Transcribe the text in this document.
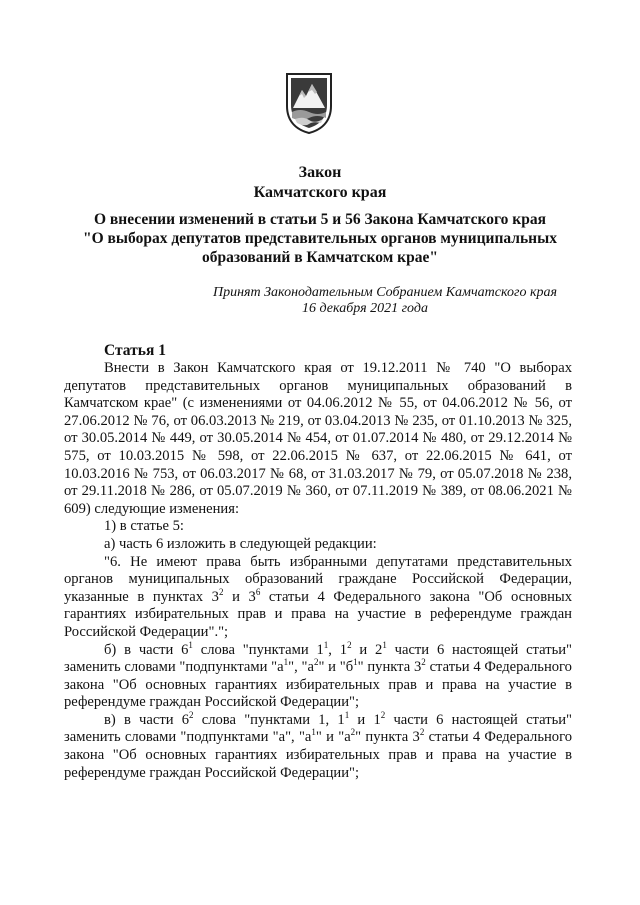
Закон
Камчатского края
О внесении изменений в статьи 5 и 56 Закона Камчатского края
"О выборах депутатов представительных органов муниципальных
образований в Камчатском крае"
Принят Законодательным Собранием Камчатского края
16 декабря 2021 года
Статья 1

Внести в Закон Камчатского края от 19.12.2011 № 740 "О выборах депутатов представительных органов муниципальных образований в Камчатском крае" (с изменениями от 04.06.2012 № 55, от 04.06.2012 № 56, от 27.06.2012 № 76, от 06.03.2013 № 219, от 03.04.2013 № 235, от 01.10.2013 № 325, от 30.05.2014 № 449, от 30.05.2014 № 454, от 01.07.2014 № 480, от 29.12.2014 № 575, от 10.03.2015 № 598, от 22.06.2015 № 637, от 22.06.2015 № 641, от 10.03.2016 № 753, от 06.03.2017 № 68, от 31.03.2017 № 79, от 05.07.2018 № 238, от 29.11.2018 № 286, от 05.07.2019 № 360, от 07.11.2019 № 389, от 08.06.2021 № 609) следующие изменения:

1) в статье 5:

а) часть 6 изложить в следующей редакции:

"6. Не имеют права быть избранными депутатами представительных органов муниципальных образований граждане Российской Федерации, указанные в пунктах $3^2$ и $3^6$ статьи 4 Федерального закона "Об основных гарантиях избирательных прав и права на участие в референдуме граждан Российской Федерации".";

б) в части $6^1$ слова "пунктами $1^1$, $1^2$ и $2^1$ части 6 настоящей статьи" заменить словами "подпунктами "$а^1$", "$а^2$" и "$б^1$" пункта $3^2$ статьи 4 Федерального закона "Об основных гарантиях избирательных прав и права на участие в референдуме граждан Российской Федерации";

в) в части $6^2$ слова "пунктами 1, $1^1$ и $1^2$ части 6 настоящей статьи" заменить словами "подпунктами "а", "$а^1$" и "$а^2$" пункта $3^2$ статьи 4 Федерального закона "Об основных гарантиях избирательных прав и права на участие в референдуме граждан Российской Федерации";
